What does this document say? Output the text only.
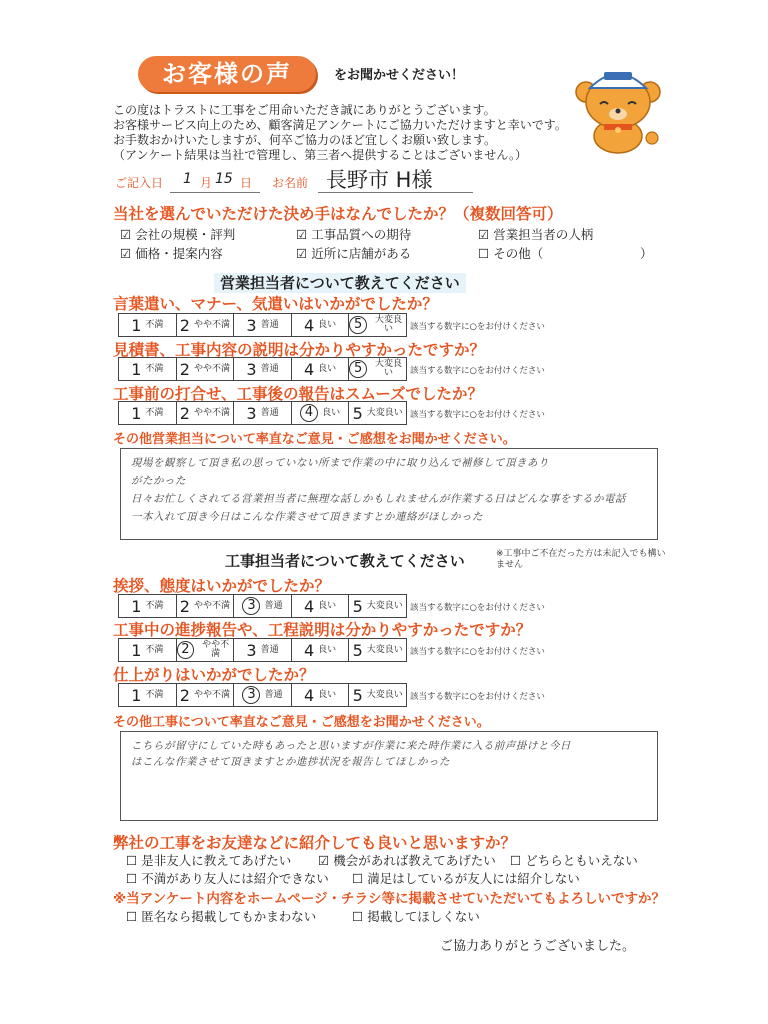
お客様の声	をお聞かせください！
この度はトラストに工事をご用命いただき誠にありがとうございます。
お客様サービス向上のため、顧客満足アンケートにご協力いただけますと幸いです。
お手数おかけいたしますが、何卒ご協力のほど宜しくお願い致します。
（アンケート結果は当社で管理し、第三者へ提供することはございません。）
ご記入日 1 月 15 日 お名前 長野市 H様
当社を選んでいただけた決め手はなんでしたか？（複数回答可）
☑ 会社の規模・評判	☑ 工事品質への期待	☑ 営業担当者の人柄
☑ 価格・提案内容	☑ 近所に店舗がある	☐ その他（	）
営業担当者について教えてください
言葉遣い、マナー、気遣いはいかがでしたか？
1 不満 2 やや不満 3 普通 4 良い	5	大変良い	該当する数字に○をお付けください
見積書、工事内容の説明は分かりやすかったですか？
1 不満 2 やや不満 3 普通 4 良い	5	大変良い	該当する数字に○をお付けください
工事前の打合せ、工事後の報告はスムーズでしたか？
1 不満 2 やや不満 3 普通	4 良い 5 大変良い 該当する数字に○をお付けください
その他営業担当について率直なご意見・ご感想をお聞かせください。
現場を観察して頂き私の思っていない所まで作業の中に取り込んで補修して頂きあり
がたかった
日々お忙しくされてる営業担当者に無理な話しかもしれませんが作業する日はどんな事をするか電話
一本入れて頂き今日はこんな作業させて頂きますとか連絡がほしかった
工事担当者について教えてください	※工事中ご不在だった方は未記入でも構いません
挨拶、態度はいかがでしたか？
1 不満 2 やや不満	3 普通 4 良い 5 大変良い 該当する数字に○をお付けください
工事中の進捗報告や、工程説明は分かりやすかったですか？
1 不満	2	やや不満	3 普通 4 良い 5 大変良い 該当する数字に○をお付けください
仕上がりはいかがでしたか？
1 不満 2 やや不満	3 普通 4 良い 5 大変良い 該当する数字に○をお付けください
その他工事について率直なご意見・ご感想をお聞かせください。
こちらが留守にしていた時もあったと思いますが作業に来た時作業に入る前声掛けと今日
はこんな作業させて頂きますとか進捗状況を報告してほしかった
弊社の工事をお友達などに紹介しても良いと思いますか？
☐ 是非友人に教えてあげたい ☑ 機会があれば教えてあげたい ☐ どちらともいえない
☐ 不満があり友人には紹介できない ☐ 満足はしているが友人には紹介しない
※当アンケート内容をホームページ・チラシ等に掲載させていただいてもよろしいですか？
☐ 匿名なら掲載してもかまわない	☐ 掲載してほしくない
ご協力ありがとうございました。
